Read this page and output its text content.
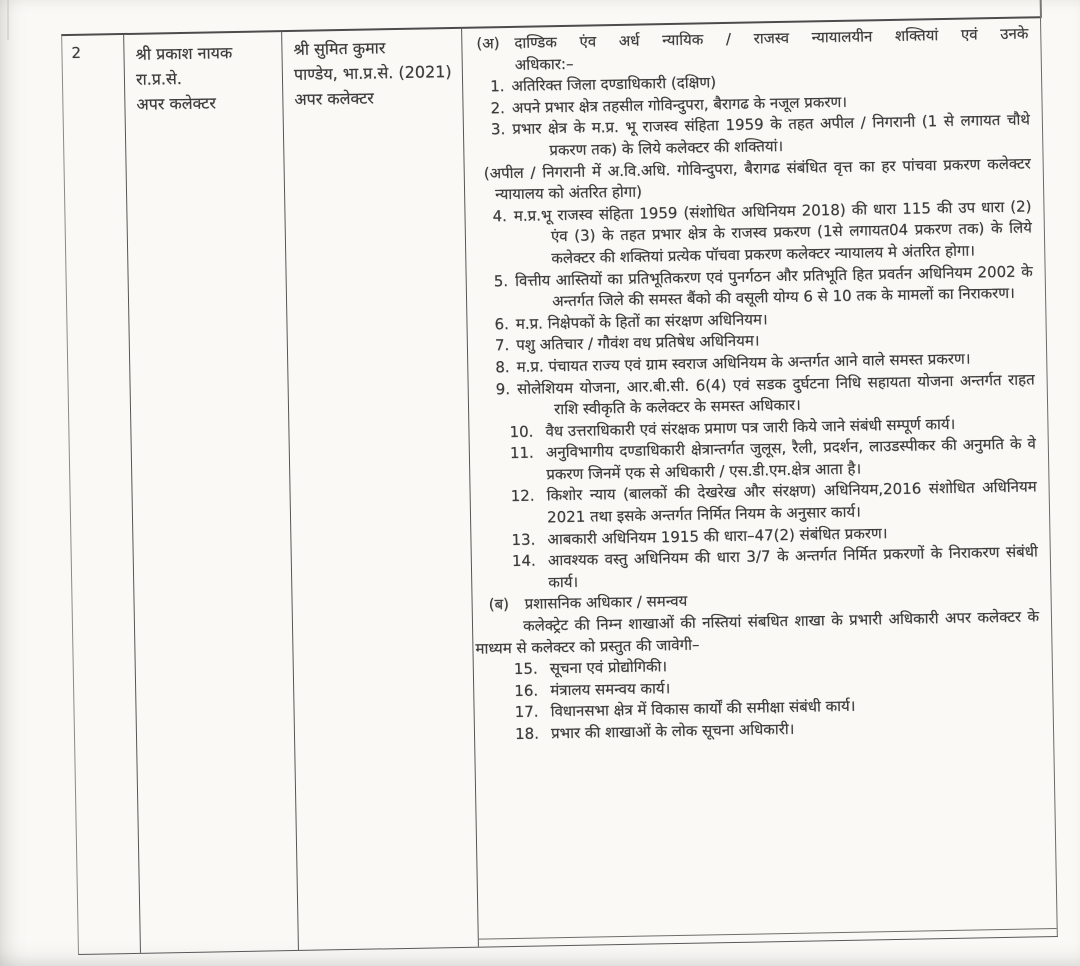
2	श्री प्रकाश नायक
रा.प्र.से.
अपर कलेक्टर
श्री सुमित कुमार
पाण्डेय, भा.प्र.से. (2021)
अपर कलेक्टर
(अ) दाण्डिक एंव अर्ध न्यायिक / राजस्व न्यायालयीन शक्तियां एवं उनके
अधिकार:–
1. अतिरिक्त जिला दण्डाधिकारी (दक्षिण)
2. अपने प्रभार क्षेत्र तहसील गोविन्दुपरा, बैरागढ के नजूल प्रकरण।
3. प्रभार क्षेत्र के म.प्र. भू राजस्व संहिता 1959 के तहत अपील / निगरानी (1 से लगायत चौथे प्रकरण तक) के लिये कलेक्टर की शक्तियां।
(अपील / निगरानी में अ.वि.अधि. गोविन्दुपरा, बैरागढ संबंधित वृत्त का हर पांचवा प्रकरण कलेक्टर न्यायालय को अंतरित होगा)
4. म.प्र.भू राजस्व संहिता 1959 (संशोधित अधिनियम 2018) की धारा 115 की उप धारा (2) एंव (3) के तहत प्रभार क्षेत्र के राजस्व प्रकरण (1से लगायत04 प्रकरण तक) के लिये कलेक्टर की शक्तियां प्रत्येक पॉचवा प्रकरण कलेक्टर न्यायालय मे अंतरित होगा।
5. वित्तीय आस्तियों का प्रतिभूतिकरण एवं पुनर्गठन और प्रतिभूति हित प्रवर्तन अधिनियम 2002 के अन्तर्गत जिले की समस्त बैंको की वसूली योग्य 6 से 10 तक के मामलों का निराकरण।
6. म.प्र. निक्षेपकों के हितों का संरक्षण अधिनियम।
7. पशु अतिचार / गौवंश वध प्रतिषेध अधिनियम।
8. म.प्र. पंचायत राज्य एवं ग्राम स्वराज अधिनियम के अन्तर्गत आने वाले समस्त प्रकरण।
9. सोलेशियम योजना, आर.बी.सी. 6(4) एवं सडक दुर्घटना निधि सहायता योजना अन्तर्गत राहत राशि स्वीकृति के कलेक्टर के समस्त अधिकार।
10. वैध उत्तराधिकारी एवं संरक्षक प्रमाण पत्र जारी किये जाने संबंधी सम्पूर्ण कार्य।
11. अनुविभागीय दण्डाधिकारी क्षेत्रान्तर्गत जुलूस, रैली, प्रदर्शन, लाउडस्पीकर की अनुमति के वे प्रकरण जिनमें एक से अधिकारी / एस.डी.एम.क्षेत्र आता है।
12. किशोर न्याय (बालकों की देखरेख और संरक्षण) अधिनियम,2016 संशोधित अधिनियम 2021 तथा इसके अन्तर्गत निर्मित नियम के अनुसार कार्य।
13. आबकारी अधिनियम 1915 की धारा–47(2) संबंधित प्रकरण।
14. आवश्यक वस्तु अधिनियम की धारा 3/7 के अन्तर्गत निर्मित प्रकरणों के निराकरण संबंधी कार्य।
(ब)	प्रशासनिक अधिकार / समन्वय

कलेक्ट्रेट की निम्न शाखाओं की नस्तियां संबधित शाखा के प्रभारी अधिकारी अपर कलेक्टर के माध्यम से कलेक्टर को प्रस्तुत की जावेगी–

15. सूचना एवं प्रोद्योगिकी।
16. मंत्रालय समन्वय कार्य।
17. विधानसभा क्षेत्र में विकास कार्यों की समीक्षा संबंधी कार्य।
18. प्रभार की शाखाओं के लोक सूचना अधिकारी।
